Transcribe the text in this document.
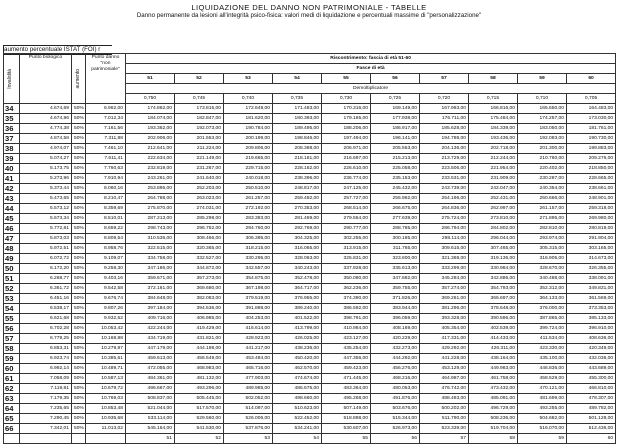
LIQUIDAZIONE DEL DANNO NON PATRIMONIALE - TABELLE
Danno permanente da lesioni all'integrità psico-fisica: valori medi di liquidazione e percentuali massime di "personalizzazione"
aumento percentuale ISTAT (FOI) r
Invalidità	Punto biologico	aumento	Punto danno "non patrimoniale"	Riscontrimento: fascia di età 51-60									
				Fasce di età									
				51	52	53	54	55	56	57	58	59	60
				Demoltiplicatore									
				0,750	0,745	0,740	0,735	0,730	0,725	0,720	0,715	0,710	0,705
34	4.674,69	50%	6.962,00	174.862,00	173.815,00	172.649,00	171.483,00	170.316,00	169.149,00	167.983,00	166.816,00	165.650,00	164.483,00
35	4.674,96	50%	7.012,34	184.074,00	182.847,00	181.620,00	180.393,00	179.165,00	177.938,00	176.711,00	175.484,00	174.257,00	173.030,00
36	4.774,38	50%	7.161,56	193.362,00	192.073,00	190.784,00	189.495,00	188.206,00	186.917,00	185.628,00	184.339,00	183.050,00	181.761,00
37	4.874,58	50%	7.311,88	202.906,00	201.553,00	200.199,00	198.846,00	197.494,00	196.141,00	194.788,00	193.436,00	192.083,00	190.730,00
38	4.974,07	50%	7.461,10	212.641,00	211.224,00	209.806,00	208.388,00	206.971,00	205.553,00	204.136,00	202.718,00	201.300,00	199.883,00
39	5.074,27	50%	7.611,41	222.634,00	221.149,00	219.665,00	218.181,00	216.697,00	215.213,00	213.729,00	212.244,00	210.760,00	209.276,00
40	5.173,75	50%	7.760,63	232.819,00	231.267,00	229.715,00	228.162,00	226.610,00	225.058,00	223.506,00	221.954,00	220.402,00	218.850,00
41	5.273,96	50%	7.910,94	243.261,00	241.640,00	240.018,00	238.396,00	236.774,00	235.153,00	233.531,00	231.909,00	230.287,00	228.665,00
42	5.373,44	50%	8.060,16	253.895,00	252.203,00	250.510,00	248.817,00	247.125,00	245.432,00	243.739,00	242.047,00	240.354,00	238.661,00
43	5.473,65	50%	8.210,47	264.788,00	263.023,00	261.257,00	259.492,00	257.727,00	255.962,00	254.196,00	252.431,00	250.666,00	248.901,00
44	5.573,12	50%	8.359,69	275.870,00	274.031,00	272.192,00	270.353,00	268.514,00	266.675,00	264.836,00	262.997,00	261.157,00	259.318,00
45	5.673,34	50%	8.510,01	287.213,00	285.298,00	283.383,00	281.469,00	279.554,00	277.639,00	275.724,00	273.810,00	271.895,00	269.980,00
46	5.772,81	50%	8.659,22	298.743,00	296.752,00	294.760,00	292.769,00	290.777,00	288.785,00	286.794,00	284.802,00	282.810,00	280.819,00
47	5.873,03	50%	8.809,54	310.536,00	308.466,00	306.395,00	304.325,00	302.255,00	300.185,00	298.114,00	296.044,00	293.974,00	291.904,00
48	5.972,51	50%	8.958,76	322.515,00	320.365,00	318.215,00	316.065,00	313.915,00	311.765,00	309.615,00	307.465,00	305.315,00	303.165,00
49	6.072,72	50%	9.109,07	334.758,00	332.527,00	330.295,00	328.063,00	325.831,00	323.600,00	321.368,00	319.136,00	316.905,00	314.673,00
50	6.172,20	50%	9.258,30	347.186,00	344.872,00	342.557,00	340.243,00	337.928,00	335.613,00	333.299,00	330.984,00	328.670,00	326.355,00
51	6.268,77	50%	9.403,16	359.671,00	357.273,00	354.875,00	352.478,00	350.080,00	347.682,00	345.284,00	342.886,00	340.488,00	338.091,00
52	6.361,72	50%	9.542,58	372.161,00	369.680,00	367.198,00	364.717,00	362.236,00	359.755,00	357.274,00	354.793,00	352.312,00	349.831,00
53	6.451,16	50%	9.676,74	384.648,00	382.083,00	379.519,00	376.955,00	374.390,00	371.826,00	369.261,00	366.697,00	364.133,00	361.569,00
54	6.538,17	50%	9.807,26	397.184,00	394.536,00	391.888,00	389.240,00	386.592,00	383.944,00	381.296,00	378.648,00	376.000,00	373.353,00
55	6.621,68	50%	9.932,52	409.716,00	406.985,00	404.253,00	401.522,00	398.791,00	396.059,00	393.328,00	390.596,00	387.865,00	385.133,00
56	6.702,28	50%	10.053,42	422.244,00	419.429,00	416.614,00	413.799,00	410.984,00	408.169,00	405.354,00	402.539,00	399.724,00	396.910,00
57	6.779,25	50%	10.168,88	434.719,00	431.821,00	428.923,00	426.025,00	423.127,00	420.229,00	417.331,00	414.433,00	411.534,00	408.636,00
58	6.853,31	50%	10.279,97	447.179,00	444.198,00	441.217,00	438.236,00	435.254,00	432.273,00	429.292,00	426.311,00	423.330,00	420.349,00
59	6.923,74	50%	10.385,61	459.613,00	456.549,00	453.484,00	450.420,00	447.356,00	444.292,00	441.228,00	438.164,00	435.100,00	432.036,00
60	6.992,14	50%	10.489,71	472.055,00	468.983,00	465.716,00	462.570,00	459.423,00	456.276,00	453.129,00	449.983,00	446.836,00	443.689,00
61	7.058,09	50%	10.587,13	484.361,00	481.132,00	477.903,00	474.674,00	471.445,00	468.216,00	464.987,00	461.758,00	458.529,00	455.300,00
62	7.119,81	50%	10.679,72	496.667,00	493.296,00	489.985,00	486.675,00	483.364,00	480.053,00	476.742,00	473.432,00	470.121,00	466.810,00
63	7.179,35	50%	10.769,03	508.837,00	505.445,00	502.052,00	498.660,00	495.268,00	491.876,00	488.483,00	485.091,00	481.699,00	478.307,00
64	7.235,65	50%	10.853,48	521.044,00	517.570,00	514.097,00	510.623,00	507.149,00	503.676,00	500.202,00	496.729,00	493.255,00	489.782,00
65	7.290,45	50%	10.935,68	533.114,00	529.560,00	526.006,00	522.452,00	518.898,00	515.344,00	511.790,00	508.236,00	504.682,00	501.128,00
66	7.342,01	50%	11.013,02	545.164,00	541.530,00	537.876,00	534.241,00	530.607,00	526.973,00	523.339,00	519.704,00	516.070,00	512.436,00
				51	52	53	54	55	56	57	58	59	60
